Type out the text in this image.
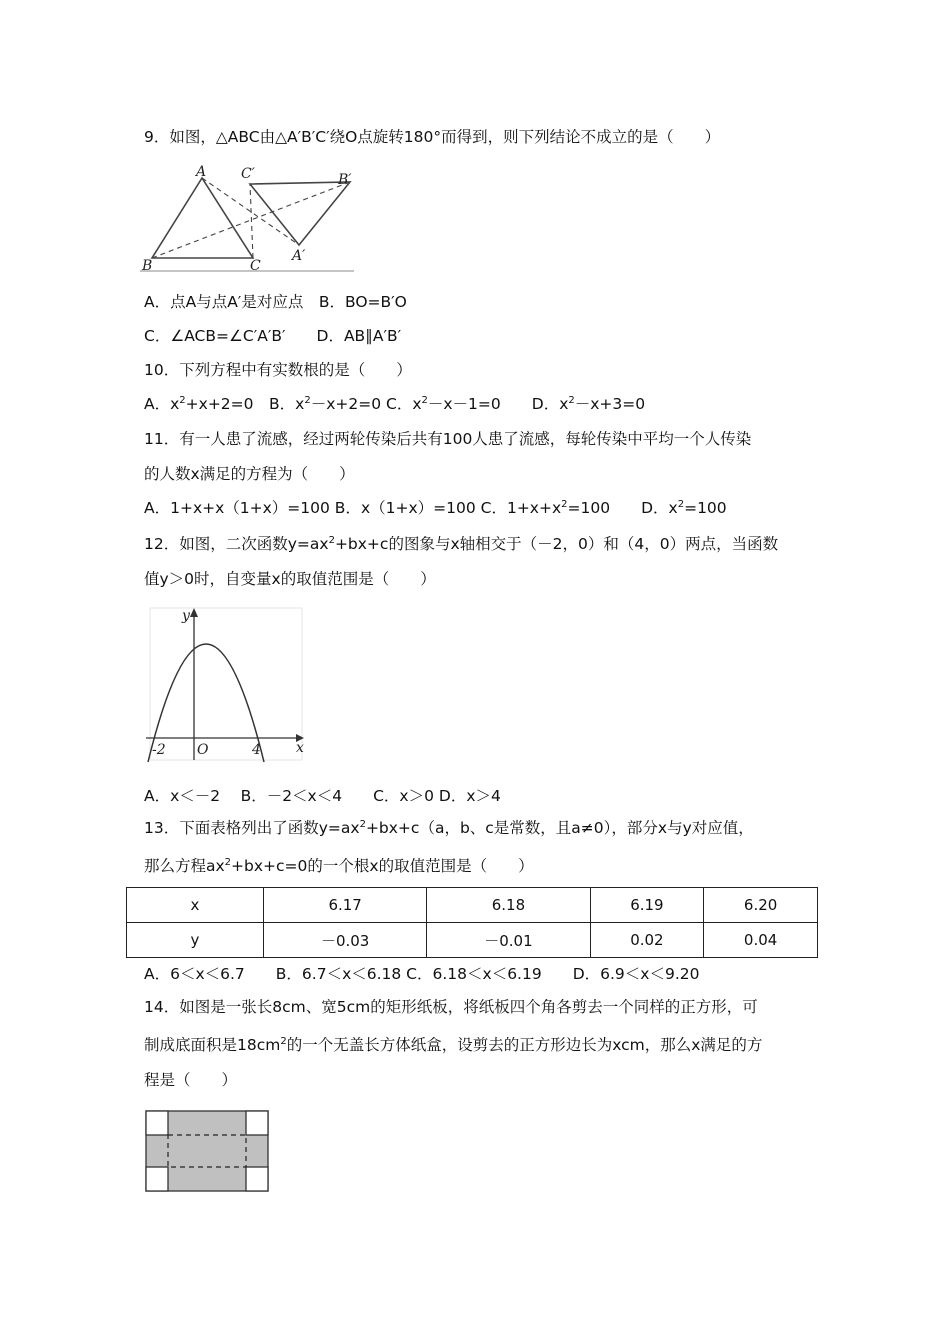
9．如图，△ABC由△A′B′C′绕O点旋转180°而得到，则下列结论不成立的是（　　）
A
B	C
A′
B′
C′
A．点A与点A′是对应点　B．BO=B′O
C．∠ACB=∠C′A′B′　　D．AB∥A′B′
10．下列方程中有实数根的是（　　）
A．$x^2+x+2=0$　B．$x^2-x+2=0$ C．$x^2-x-1=0$　　D．$x^2-x+3=0$
11．有一人患了流感，经过两轮传染后共有100人患了流感，每轮传染中平均一个人传染
的人数x满足的方程为（　　）
A．1+x+x（1+x）=100 B．x（1+x）=100 C．$1+x+x^2=100$　　D．$x^2=100$
12．如图，二次函数$y=ax^2+bx+c$的图象与x轴相交于（－2，0）和（4，0）两点，当函数
值y＞0时，自变量x的取值范围是（　　）
y
x
O
-2	4
A．x＜－2　 B．－2＜x＜4　　C．x＞0 D．x＞4
13．下面表格列出了函数$y=ax^2+bx+c(a$，b、c是常数，且a≠0），部分x与y对应值，
那么方程$ax^2+bx+c=0$的一个根x的取值范围是（　　）
x	6.17	6.18	6.19	6.20
y	－0.03	－0.01	0.02	0.04
A．6＜x＜6.7　　B．6.7＜x＜6.18 C．6.18＜x＜6.19　　D．6.9＜x＜9.20
14．如图是一张长8cm、宽5cm的矩形纸板，将纸板四个角各剪去一个同样的正方形，可
制成底面积是$18cm^2$的一个无盖长方体纸盒，设剪去的正方形边长为xcm，那么x满足的方
程是（　　）
